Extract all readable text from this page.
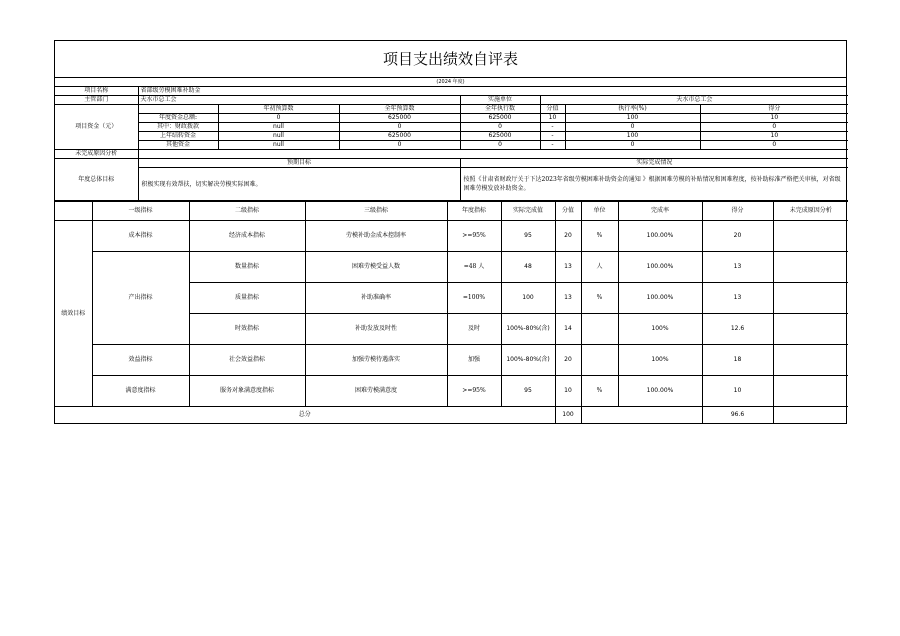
项目支出绩效自评表
(2024 年度)
项目名称	省部级劳模困难补助金						
主管部门	天水市总工会			实施单位	天水市总工会		
项目资金（元）		年初预算数	全年预算数	全年执行数	分值	执行率(%)	得分
	年度资金总额:	0	625000	625000	10	100	10
	其中：财政拨款	null	0	0	-	0	0
	上年结转资金	null	625000	625000	-	100	10
	其他资金	null	0	0	-	0	0
未完成原因分析							
年度总体目标	预期目标			实际完成情况			
	积极实现有效帮扶，切实解决劳模实际困难。			按照《甘肃省财政厅关于下达2023年省级劳模困难补助资金的通知 》根据困难劳模的补贴情况和困难程度，按补助标准严格把关审核，对省级困难劳模发放补助资金。			
	一级指标	二级指标	三级指标	年度指标	实际完成值	分值	单位	完成率	得分	未完成原因分析
绩效目标	成本指标	经济成本指标	劳模补助金成本控制率	>=95%	95	20	%	100.00%	20	
	产出指标	数量指标	困难劳模受益人数	=48 人	48	13	人	100.00%	13	
		质量指标	补助准确率	=100%	100	13	%	100.00%	13	
		时效指标	补助发放及时性	及时	100%-80%(含)	14		100%	12.6	
	效益指标	社会效益指标	加强劳模待遇落实	加强	100%-80%(含)	20		100%	18	
	满意度指标	服务对象满意度指标	困难劳模满意度	>=95%	95	10	%	100.00%	10	
总分						100			96.6	
